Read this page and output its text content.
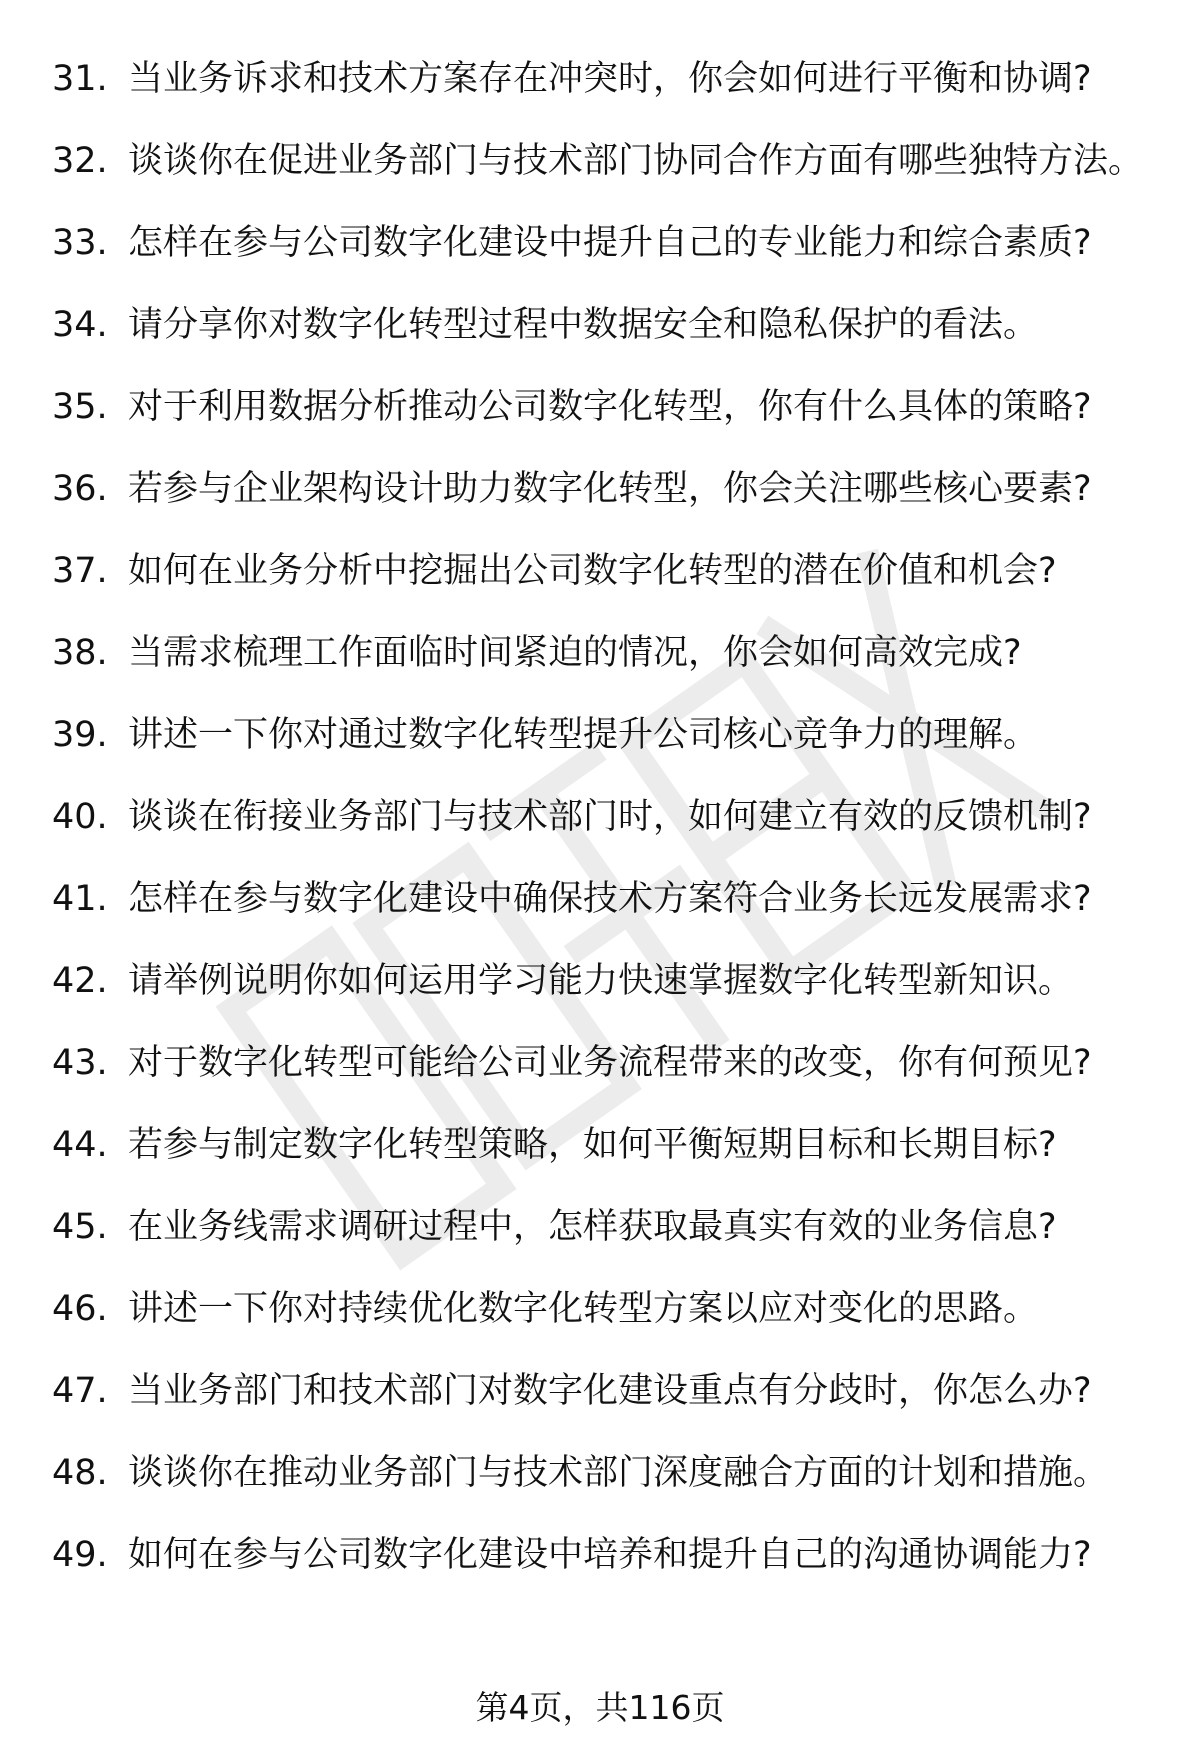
31. 当业务诉求和技术方案存在冲突时，你会如何进行平衡和协调?
32. 谈谈你在促进业务部门与技术部门协同合作方面有哪些独特方法。
33. 怎样在参与公司数字化建设中提升自己的专业能力和综合素质?
34. 请分享你对数字化转型过程中数据安全和隐私保护的看法。
35. 对于利用数据分析推动公司数字化转型，你有什么具体的策略?
36. 若参与企业架构设计助力数字化转型，你会关注哪些核心要素?
37. 如何在业务分析中挖掘出公司数字化转型的潜在价值和机会?
38. 当需求梳理工作面临时间紧迫的情况，你会如何高效完成?
39. 讲述一下你对通过数字化转型提升公司核心竞争力的理解。
40. 谈谈在衔接业务部门与技术部门时，如何建立有效的反馈机制?
41. 怎样在参与数字化建设中确保技术方案符合业务长远发展需求?
42. 请举例说明你如何运用学习能力快速掌握数字化转型新知识。
43. 对于数字化转型可能给公司业务流程带来的改变，你有何预见?
44. 若参与制定数字化转型策略，如何平衡短期目标和长期目标?
45. 在业务线需求调研过程中，怎样获取最真实有效的业务信息?
46. 讲述一下你对持续优化数字化转型方案以应对变化的思路。
47. 当业务部门和技术部门对数字化建设重点有分歧时，你怎么办?
48. 谈谈你在推动业务部门与技术部门深度融合方面的计划和措施。
49. 如何在参与公司数字化建设中培养和提升自己的沟通协调能力?
第4页，共116页
